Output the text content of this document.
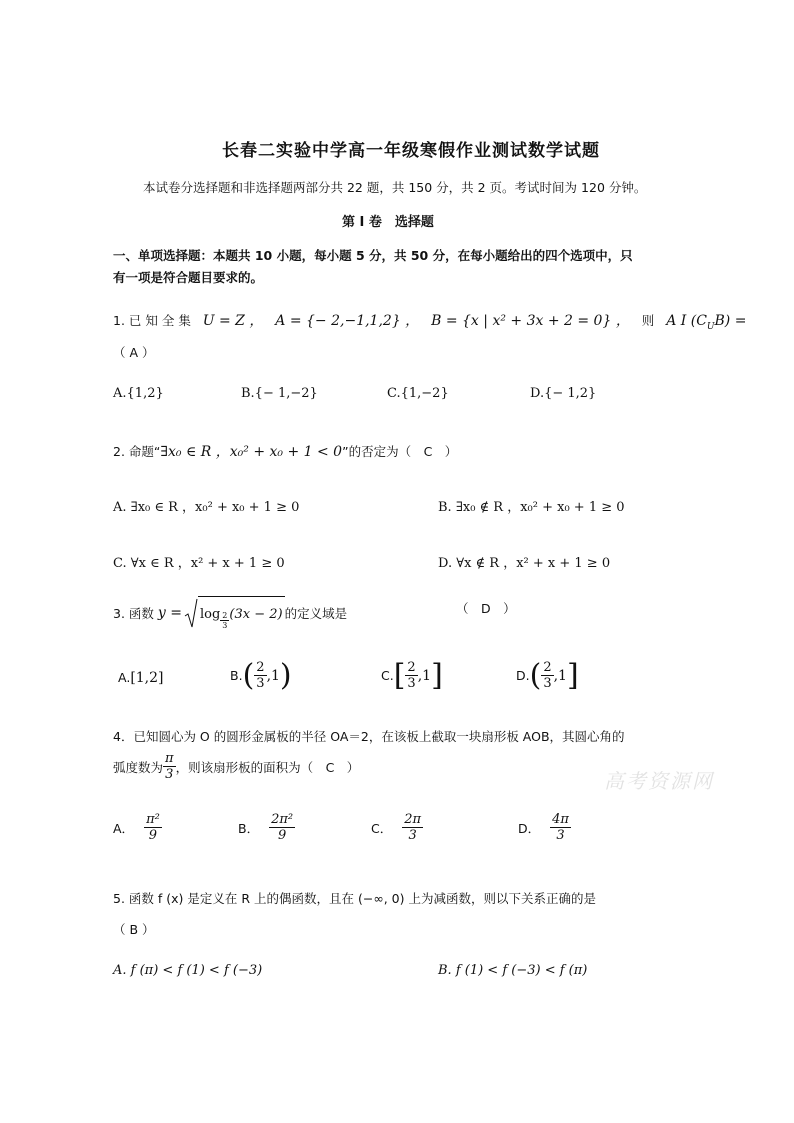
长春二实验中学高一年级寒假作业测试数学试题
本试卷分选择题和非选择题两部分共 22 题，共 150 分，共 2 页。考试时间为 120 分钟。
第 Ⅰ 卷　选择题
一、单项选择题：本题共 10 小题，每小题 5 分，共 50 分，在每小题给出的四个选项中，只
有一项是符合题目要求的。
1. 已 知 全 集 U = Z ， A = {− 2,−1,1,2} ， B = {x | x² + 3x + 2 = 0} ， 则 A I $(C_UB)$ =
（ A ）
A.{1,2}	B.{− 1,−2}	C.{1,−2}	D.{− 1,2}
2. 命题“∃x₀ ∈ R ，x₀² + x₀ + 1 < 0”的否定为（　C　）
A. ∃x₀ ∈ R ，x₀² + x₀ + 1 ≥ 0	B. ∃x₀ ∉ R ，x₀² + x₀ + 1 ≥ 0
C. ∀x ∈ R ，x² + x + 1 ≥ 0	D. ∀x ∉ R ，x² + x + 1 ≥ 0
3. 函数
$y = \log \frac{2}{3} (3x - 2)$ 的定义域是	（　D　）
A.[1,2]	B. ( $\frac{2}{3} ,1$ )	C. [ $\frac{2}{3} ,1$ ]	D. ( $\frac{2}{3} ,1$ ]
4．已知圆心为 O 的圆形金属板的半径 OA＝2，在该板上截取一块扇形板 AOB，其圆心角的
弧度数为 $\frac{\pi}{3}$ ，则该扇形板的面积为（　C　）
高考资源网
A． $\frac{\text{π²}}{9}$	B． $\frac{\text{2π²}}{9}$	C． $\frac{2\pi}{3}$	D． $\frac{4\pi}{3}$
5. 函数 f (x) 是定义在 R 上的偶函数，且在 (−∞, 0) 上为减函数，则以下关系正确的是
（ B ）
A. f (π) < f (1) < f (−3)	B. f (1) < f (−3) < f (π)
